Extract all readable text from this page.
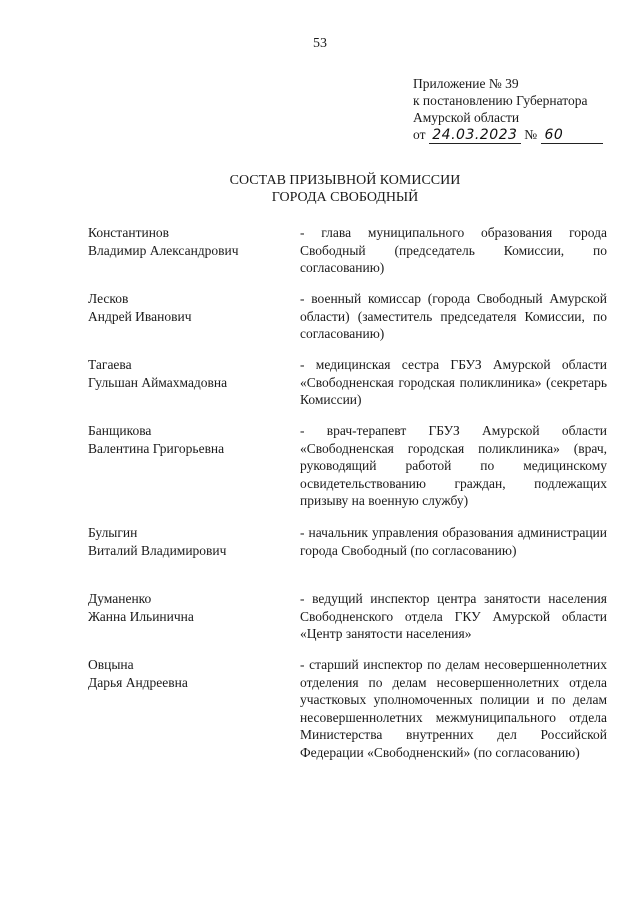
53
Приложение № 39
к постановлению Губернатора
Амурской области
от 24.03.2023 № 60
СОСТАВ ПРИЗЫВНОЙ КОМИССИИ
ГОРОДА СВОБОДНЫЙ
Константинов
Владимир Александрович
- глава муниципального образования города Свободный (председатель Комиссии, по согласованию)
Лесков
Андрей Иванович
- военный комиссар (города Свободный Амурской области) (заместитель председателя Комиссии, по согласованию)
Тагаева
Гульшан Аймахмадовна
- медицинская сестра ГБУЗ Амурской области «Свободненская городская поликлиника» (секретарь Комиссии)
Банщикова
Валентина Григорьевна
- врач-терапевт ГБУЗ Амурской области «Свободненская городская поликлиника» (врач, руководящий работой по медицинскому освидетельствованию граждан, подлежащих призыву на военную службу)
Булыгин
Виталий Владимирович
- начальник управления образования администрации города Свободный (по согласованию)
Думаненко
Жанна Ильинична
- ведущий инспектор центра занятости населения Свободненского отдела ГКУ Амурской области «Центр занятости населения»
Овцына
Дарья Андреевна
- старший инспектор по делам несовершеннолетних отделения по делам несовершеннолетних отдела участковых уполномоченных полиции и по делам несовершеннолетних межмуниципального отдела Министерства внутренних дел Российской Федерации «Свободненский» (по согласованию)
